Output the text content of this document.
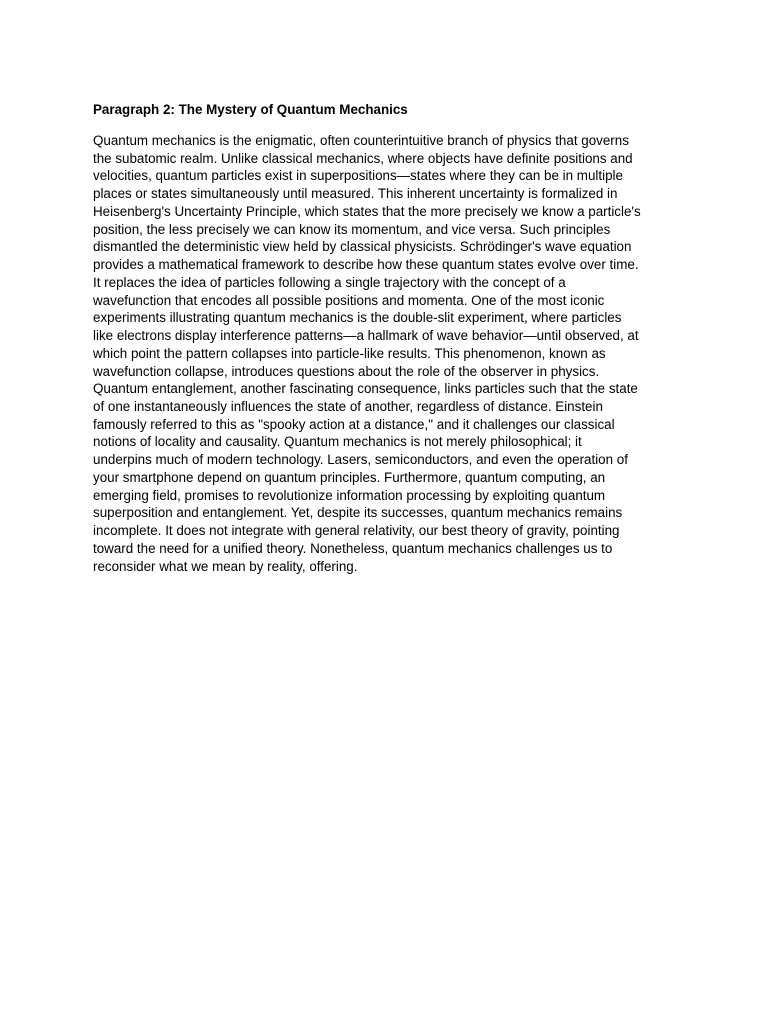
Paragraph 2: The Mystery of Quantum Mechanics

Quantum mechanics is the enigmatic, often counterintuitive branch of physics that governs
the subatomic realm. Unlike classical mechanics, where objects have definite positions and
velocities, quantum particles exist in superpositions—states where they can be in multiple
places or states simultaneously until measured. This inherent uncertainty is formalized in
Heisenberg's Uncertainty Principle, which states that the more precisely we know a particle's
position, the less precisely we can know its momentum, and vice versa. Such principles
dismantled the deterministic view held by classical physicists. Schrödinger's wave equation
provides a mathematical framework to describe how these quantum states evolve over time.
It replaces the idea of particles following a single trajectory with the concept of a
wavefunction that encodes all possible positions and momenta. One of the most iconic
experiments illustrating quantum mechanics is the double-slit experiment, where particles
like electrons display interference patterns—a hallmark of wave behavior—until observed, at
which point the pattern collapses into particle-like results. This phenomenon, known as
wavefunction collapse, introduces questions about the role of the observer in physics.
Quantum entanglement, another fascinating consequence, links particles such that the state
of one instantaneously influences the state of another, regardless of distance. Einstein
famously referred to this as "spooky action at a distance," and it challenges our classical
notions of locality and causality. Quantum mechanics is not merely philosophical; it
underpins much of modern technology. Lasers, semiconductors, and even the operation of
your smartphone depend on quantum principles. Furthermore, quantum computing, an
emerging field, promises to revolutionize information processing by exploiting quantum
superposition and entanglement. Yet, despite its successes, quantum mechanics remains
incomplete. It does not integrate with general relativity, our best theory of gravity, pointing
toward the need for a unified theory. Nonetheless, quantum mechanics challenges us to
reconsider what we mean by reality, offering.
